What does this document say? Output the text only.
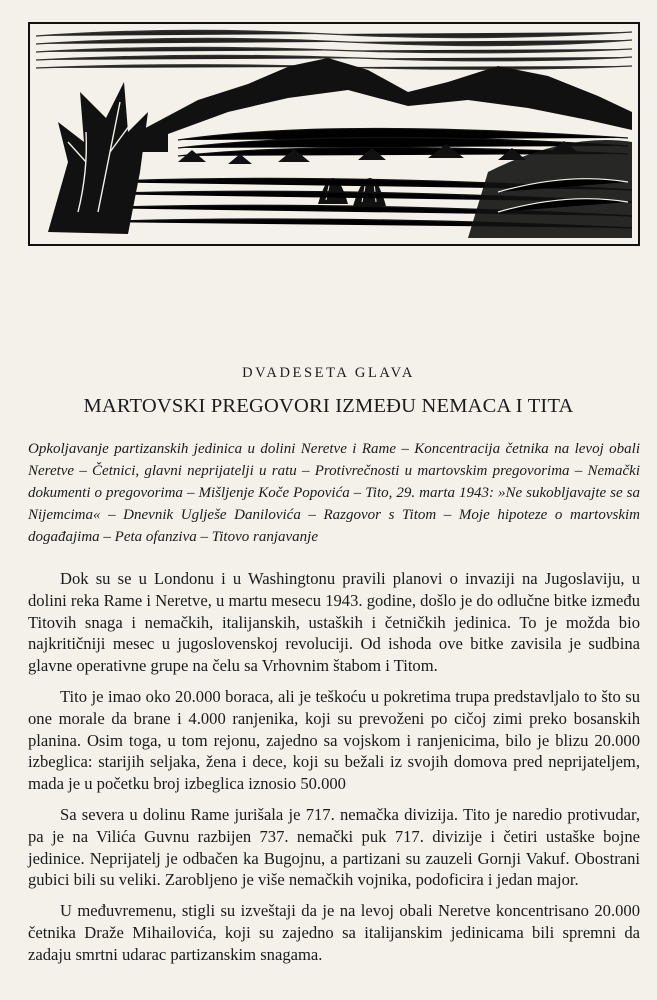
DVADESETA GLAVA
MARTOVSKI PREGOVORI IZMEĐU NEMACA I TITA

Opkoljavanje partizanskih jedinica u dolini Neretve i Rame – Koncentracija četnika na levoj obali Neretve – Četnici, glavni neprijatelji u ratu – Protivrečnosti u martovskim pregovorima – Nemački dokumenti o pregovorima – Mišljenje Koče Popovića – Tito, 29. marta 1943: »Ne sukobljavajte se sa Nijemcima« – Dnevnik Uglješe Danilovića – Razgovor s Titom – Moje hipoteze o martovskim događajima – Peta ofanziva – Titovo ranjavanje

Dok su se u Londonu i u Washingtonu pravili planovi o invaziji na Jugoslaviju, u dolini reka Rame i Neretve, u martu mesecu 1943. godine, došlo je do odlučne bitke između Titovih snaga i nemačkih, italijanskih, ustaških i četničkih jedinica. To je možda bio najkritičniji mesec u jugoslovenskoj revoluciji. Od ishoda ove bitke zavisila je sudbina glavne operativne grupe na čelu sa Vrhovnim štabom i Titom.

Tito je imao oko 20.000 boraca, ali je teškoću u pokretima trupa predstavljalo to što su one morale da brane i 4.000 ranjenika, koji su prevoženi po cičoj zimi preko bosanskih planina. Osim toga, u tom rejonu, zajedno sa vojskom i ranjenicima, bilo je blizu 20.000 izbeglica: starijih seljaka, žena i dece, koji su bežali iz svojih domova pred neprijateljem, mada je u početku broj izbeglica iznosio 50.000

Sa severa u dolinu Rame jurišala je 717. nemačka divizija. Tito je naredio protivudar, pa je na Vilića Guvnu razbijen 737. nemački puk 717. divizije i četiri ustaške bojne jedinice. Neprijatelj je odbačen ka Bugojnu, a partizani su zauzeli Gornji Vakuf. Obostrani gubici bili su veliki. Zarobljeno je više nemačkih vojnika, podoficira i jedan major.

U međuvremenu, stigli su izveštaji da je na levoj obali Neretve koncentrisano 20.000 četnika Draže Mihailovića, koji su zajedno sa italijanskim jedinicama bili spremni da zadaju smrtni udarac partizanskim snagama.
